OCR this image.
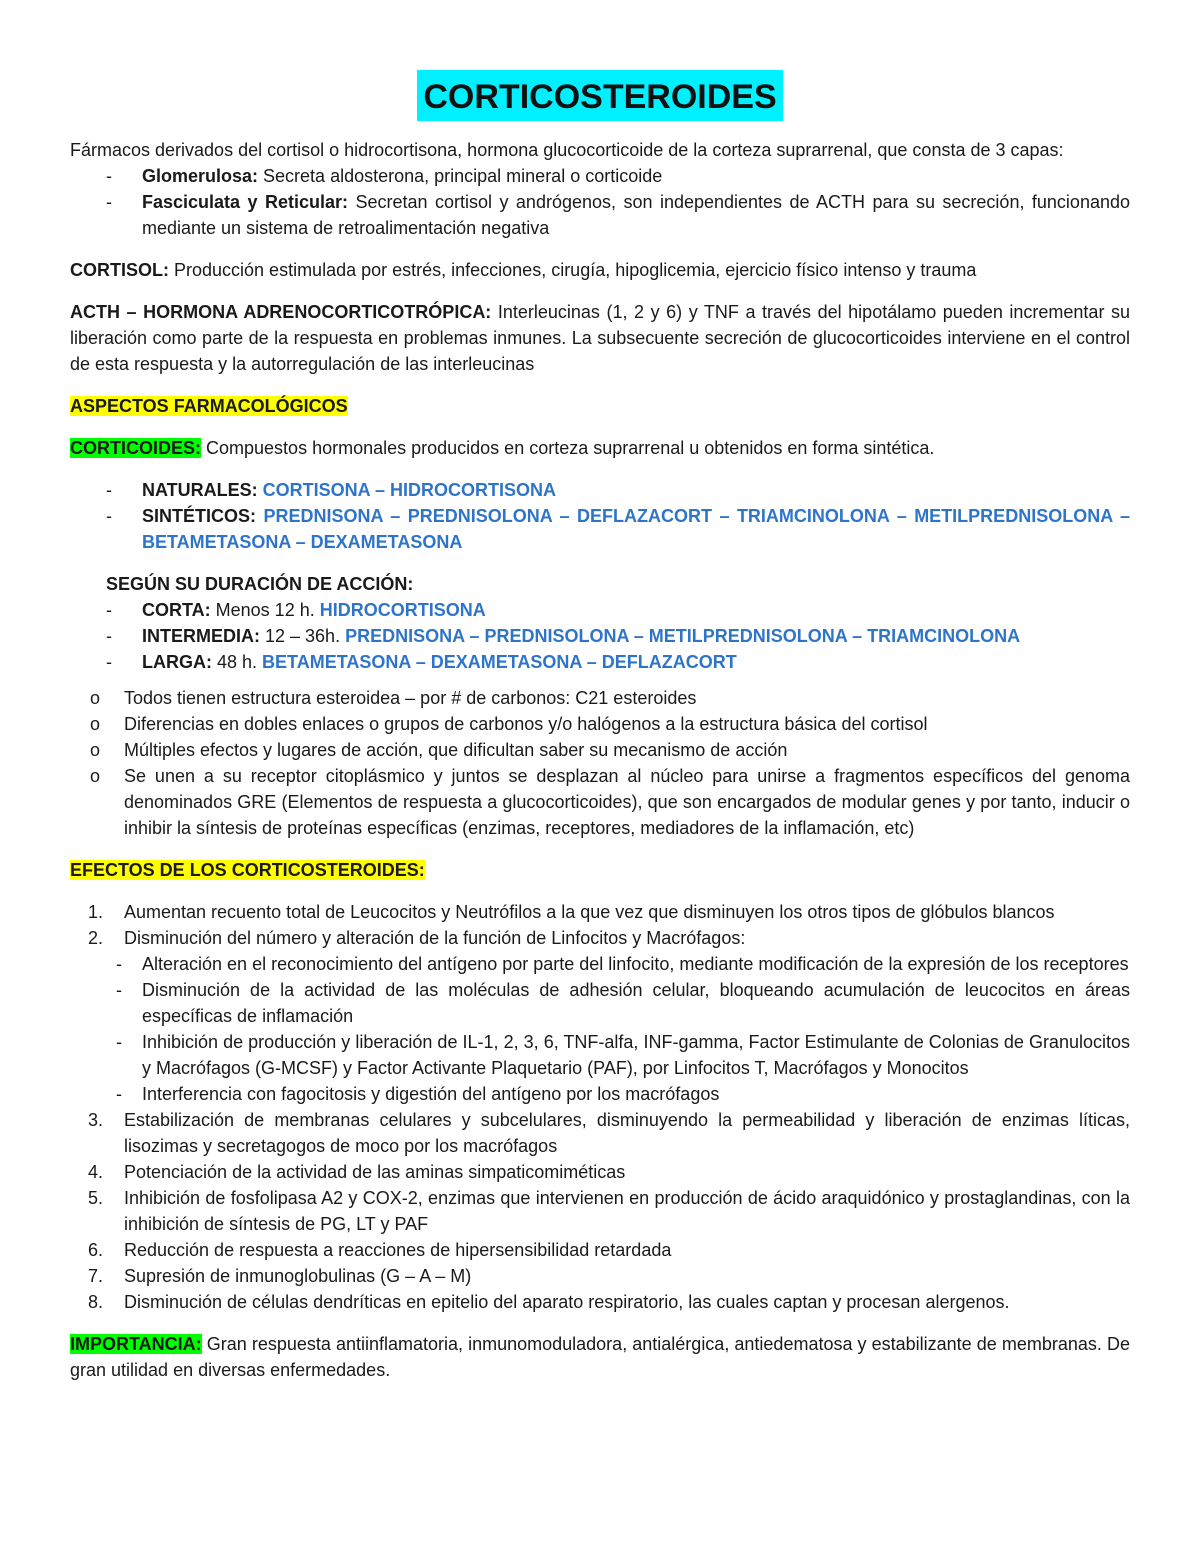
CORTICOSTEROIDES

Fármacos derivados del cortisol o hidrocortisona, hormona glucocorticoide de la corteza suprarrenal, que consta de 3 capas:

- Glomerulosa: Secreta aldosterona, principal mineral o corticoide
- Fasciculata y Reticular: Secretan cortisol y andrógenos, son independientes de ACTH para su secreción, funcionando mediante un sistema de retroalimentación negativa

CORTISOL: Producción estimulada por estrés, infecciones, cirugía, hipoglicemia, ejercicio físico intenso y trauma

ACTH – HORMONA ADRENOCORTICOTRÓPICA: Interleucinas (1, 2 y 6) y TNF a través del hipotálamo pueden incrementar su liberación como parte de la respuesta en problemas inmunes. La subsecuente secreción de glucocorticoides interviene en el control de esta respuesta y la autorregulación de las interleucinas

ASPECTOS FARMACOLÓGICOS

CORTICOIDES: Compuestos hormonales producidos en corteza suprarrenal u obtenidos en forma sintética.

- NATURALES: CORTISONA – HIDROCORTISONA
- SINTÉTICOS: PREDNISONA – PREDNISOLONA – DEFLAZACORT – TRIAMCINOLONA – METILPREDNISOLONA – BETAMETASONA – DEXAMETASONA
SEGÚN SU DURACIÓN DE ACCIÓN:
- CORTA: Menos 12 h. HIDROCORTISONA
- INTERMEDIA: 12 – 36h. PREDNISONA – PREDNISOLONA – METILPREDNISOLONA – TRIAMCINOLONA
- LARGA: 48 h. BETAMETASONA – DEXAMETASONA – DEFLAZACORT
o Todos tienen estructura esteroidea – por # de carbonos: C21 esteroides
o Diferencias en dobles enlaces o grupos de carbonos y/o halógenos a la estructura básica del cortisol
o Múltiples efectos y lugares de acción, que dificultan saber su mecanismo de acción
o Se unen a su receptor citoplásmico y juntos se desplazan al núcleo para unirse a fragmentos específicos del genoma denominados GRE (Elementos de respuesta a glucocorticoides), que son encargados de modular genes y por tanto, inducir o inhibir la síntesis de proteínas específicas (enzimas, receptores, mediadores de la inflamación, etc)

EFECTOS DE LOS CORTICOSTEROIDES:

1. Aumentan recuento total de Leucocitos y Neutrófilos a la que vez que disminuyen los otros tipos de glóbulos blancos
2. Disminución del número y alteración de la función de Linfocitos y Macrófagos:
- Alteración en el reconocimiento del antígeno por parte del linfocito, mediante modificación de la expresión de los receptores
- Disminución de la actividad de las moléculas de adhesión celular, bloqueando acumulación de leucocitos en áreas específicas de inflamación
- Inhibición de producción y liberación de IL-1, 2, 3, 6, TNF-alfa, INF-gamma, Factor Estimulante de Colonias de Granulocitos y Macrófagos (G-MCSF) y Factor Activante Plaquetario (PAF), por Linfocitos T, Macrófagos y Monocitos
- Interferencia con fagocitosis y digestión del antígeno por los macrófagos
3. Estabilización de membranas celulares y subcelulares, disminuyendo la permeabilidad y liberación de enzimas líticas, lisozimas y secretagogos de moco por los macrófagos
4. Potenciación de la actividad de las aminas simpaticomiméticas
5. Inhibición de fosfolipasa A2 y COX-2, enzimas que intervienen en producción de ácido araquidónico y prostaglandinas, con la inhibición de síntesis de PG, LT y PAF
6. Reducción de respuesta a reacciones de hipersensibilidad retardada
7. Supresión de inmunoglobulinas (G – A – M)
8. Disminución de células dendríticas en epitelio del aparato respiratorio, las cuales captan y procesan alergenos.

IMPORTANCIA: Gran respuesta antiinflamatoria, inmunomoduladora, antialérgica, antiedematosa y estabilizante de membranas. De gran utilidad en diversas enfermedades.
